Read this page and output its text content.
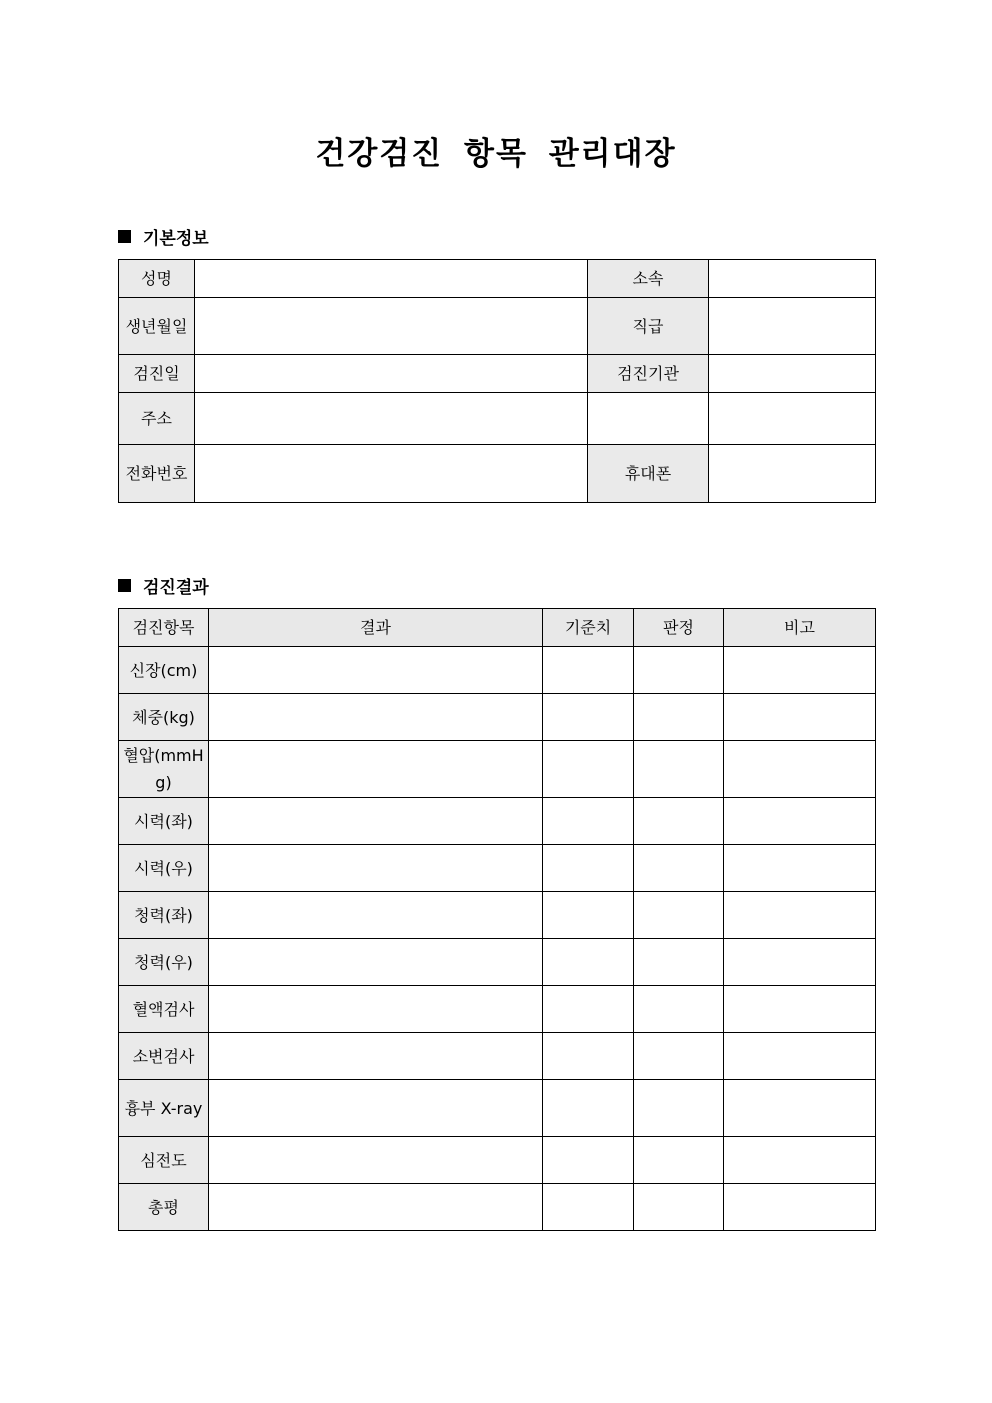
건강검진 항목 관리대장
기본정보
성명		소속	
생년월일		직급	
검진일		검진기관	
주소			
전화번호		휴대폰	
검진결과
검진항목	결과	기준치	판정	비고
신장(cm)				
체중(kg)				
혈압(mmHg)				
시력(좌)				
시력(우)				
청력(좌)				
청력(우)				
혈액검사				
소변검사				
흉부 X-ray				
심전도				
총평				
